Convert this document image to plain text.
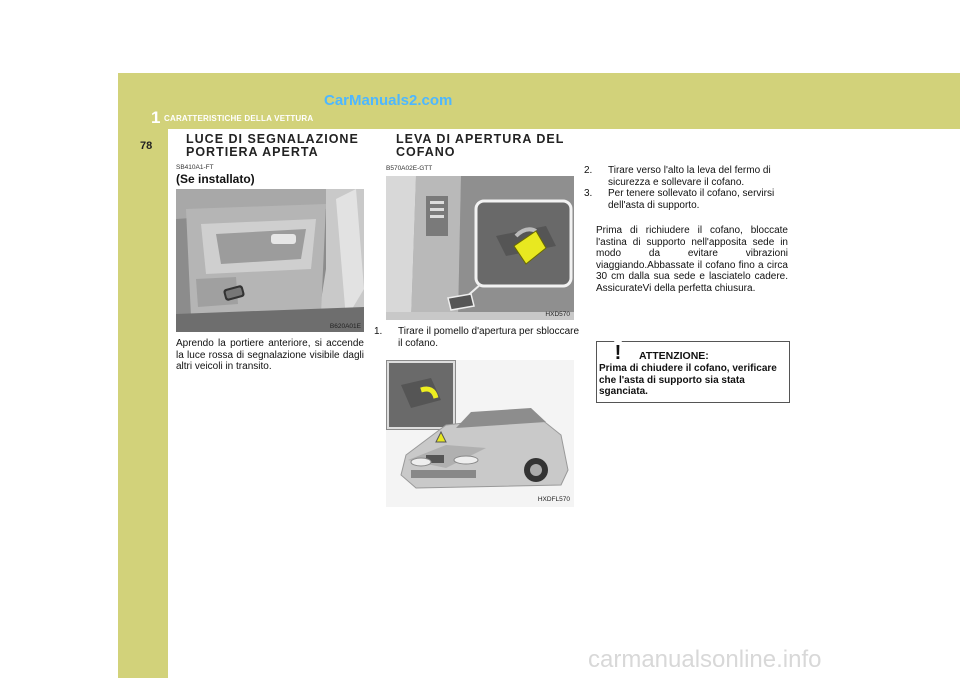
1 CARATTERISTICHE DELLA VETTURA
CarManuals2.com
78	LUCE DI SEGNALAZIONE
PORTIERA APERTA
SB410A1-FT
(Se installato)
B620A01E
Aprendo la portiere anteriore, si accende la luce rossa di segnalazione visibile dagli altri veicoli in transito.
LEVA DI APERTURA DEL
COFANO
B570A02E-GTT
HXD570
1. Tirare il pomello d'apertura per sbloccare il cofano.
HXDFL570
2. Tirare verso l'alto la leva del fermo di sicurezza e sollevare il cofano.
3. Per tenere sollevato il cofano, servirsi dell'asta di supporto.
Prima di richiudere il cofano, bloccate l'astina di supporto nell'apposita sede in modo da evitare vibrazioni viaggiando.Abbassate il cofano fino a circa 30 cm dalla sua sede e lasciatelo cadere. AssicurateVi della perfetta chiusura.
! ATTENZIONE:
Prima di chiudere il cofano, verificare che l'asta di supporto sia stata sganciata.
carmanualsonline.info
